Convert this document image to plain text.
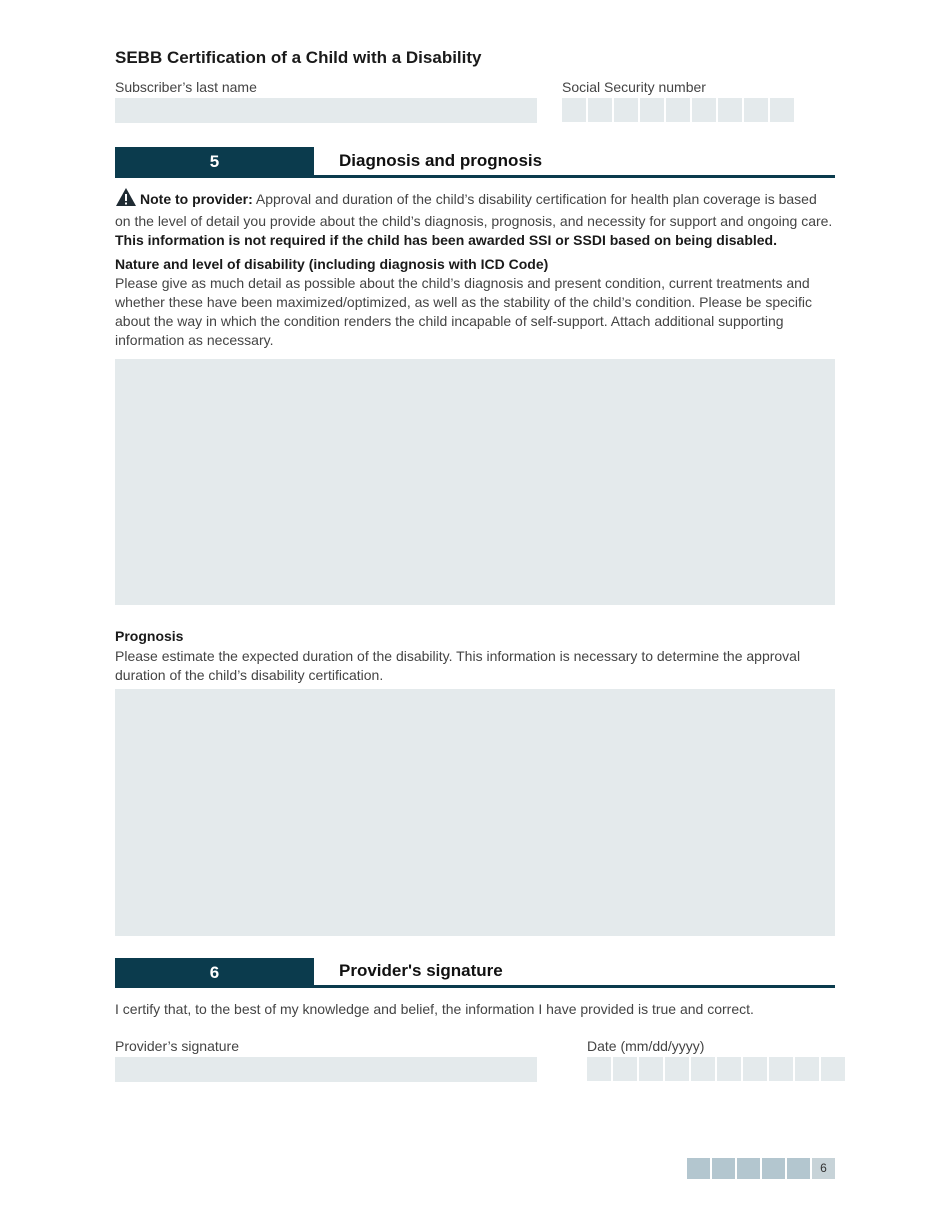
SEBB Certification of a Child with a Disability
Subscriber’s last name	Social Security number
5	Diagnosis and prognosis
Note to provider: Approval and duration of the child’s disability certification for health plan coverage is based on the level of detail you provide about the child’s diagnosis, prognosis, and necessity for support and ongoing care. This information is not required if the child has been awarded SSI or SSDI based on being disabled.
Nature and level of disability (including diagnosis with ICD Code)
Please give as much detail as possible about the child’s diagnosis and present condition, current treatments and whether these have been maximized/optimized, as well as the stability of the child’s condition. Please be specific about the way in which the condition renders the child incapable of self-support. Attach additional supporting information as necessary.
Prognosis
Please estimate the expected duration of the disability. This information is necessary to determine the approval duration of the child’s disability certification.
6	Provider's signature
I certify that, to the best of my knowledge and belief, the information I have provided is true and correct.
Provider’s signature	Date (mm/dd/yyyy)
6
